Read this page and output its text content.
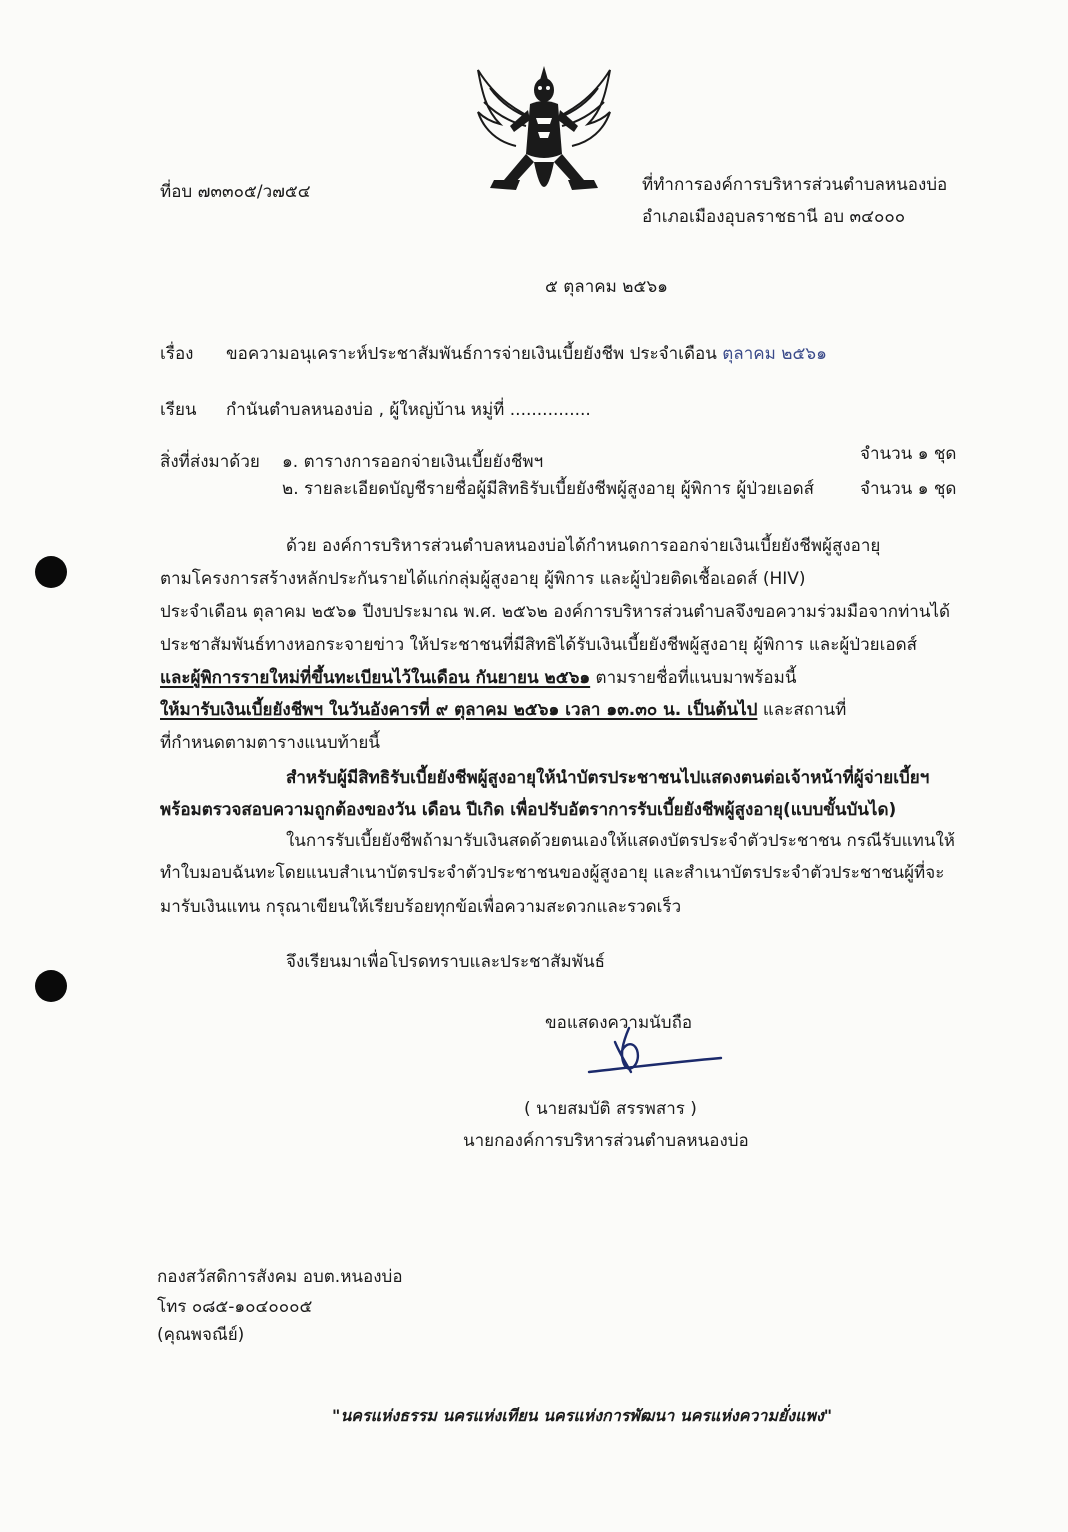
ที่อบ ๗๓๓๐๕/ว๗๕๔	ที่ทำการองค์การบริหารส่วนตำบลหนองบ่อ
อำเภอเมืองอุบลราชธานี อบ ๓๔๐๐๐
๕ ตุลาคม ๒๕๖๑
เรื่อง ขอความอนุเคราะห์ประชาสัมพันธ์การจ่ายเงินเบี้ยยังชีพ ประจำเดือน ตุลาคม ๒๕๖๑
เรียน กำนันตำบลหนองบ่อ , ผู้ใหญ่บ้าน หมู่ที่ ...............
สิ่งที่ส่งมาด้วย ๑. ตารางการออกจ่ายเงินเบี้ยยังชีพฯ	จำนวน ๑ ชุด
๒. รายละเอียดบัญชีรายชื่อผู้มีสิทธิรับเบี้ยยังชีพผู้สูงอายุ ผู้พิการ ผู้ป่วยเอดส์	จำนวน ๑ ชุด
ด้วย องค์การบริหารส่วนตำบลหนองบ่อได้กำหนดการออกจ่ายเงินเบี้ยยังชีพผู้สูงอายุ
ตามโครงการสร้างหลักประกันรายได้แก่กลุ่มผู้สูงอายุ ผู้พิการ และผู้ป่วยติดเชื้อเอดส์ (HIV)
ประจำเดือน ตุลาคม ๒๕๖๑ ปีงบประมาณ พ.ศ. ๒๕๖๒ องค์การบริหารส่วนตำบลจึงขอความร่วมมือจากท่านได้
ประชาสัมพันธ์ทางหอกระจายข่าว ให้ประชาชนที่มีสิทธิได้รับเงินเบี้ยยังชีพผู้สูงอายุ ผู้พิการ และผู้ป่วยเอดส์
และผู้พิการรายใหม่ที่ขึ้นทะเบียนไว้ในเดือน กันยายน ๒๕๖๑ ตามรายชื่อที่แนบมาพร้อมนี้
ให้มารับเงินเบี้ยยังชีพฯ ในวันอังคารที่ ๙ ตุลาคม ๒๕๖๑ เวลา ๑๓.๓๐ น. เป็นต้นไป และสถานที่
ที่กำหนดตามตารางแนบท้ายนี้
สำหรับผู้มีสิทธิรับเบี้ยยังชีพผู้สูงอายุให้นำบัตรประชาชนไปแสดงตนต่อเจ้าหน้าที่ผู้จ่ายเบี้ยฯ
พร้อมตรวจสอบความถูกต้องของวัน เดือน ปีเกิด เพื่อปรับอัตราการรับเบี้ยยังชีพผู้สูงอายุ(แบบขั้นบันได)
ในการรับเบี้ยยังชีพถ้ามารับเงินสดด้วยตนเองให้แสดงบัตรประจำตัวประชาชน กรณีรับแทนให้
ทำใบมอบฉันทะโดยแนบสำเนาบัตรประจำตัวประชาชนของผู้สูงอายุ และสำเนาบัตรประจำตัวประชาชนผู้ที่จะ
มารับเงินแทน กรุณาเขียนให้เรียบร้อยทุกข้อเพื่อความสะดวกและรวดเร็ว
จึงเรียนมาเพื่อโปรดทราบและประชาสัมพันธ์
ขอแสดงความนับถือ
( นายสมบัติ สรรพสาร )
นายกองค์การบริหารส่วนตำบลหนองบ่อ
กองสวัสดิการสังคม อบต.หนองบ่อ
โทร ๐๘๕-๑๐๔๐๐๐๕
(คุณพจณีย์)
"นครแห่งธรรม นครแห่งเทียน นครแห่งการพัฒนา นครแห่งความยั่งแพง"
